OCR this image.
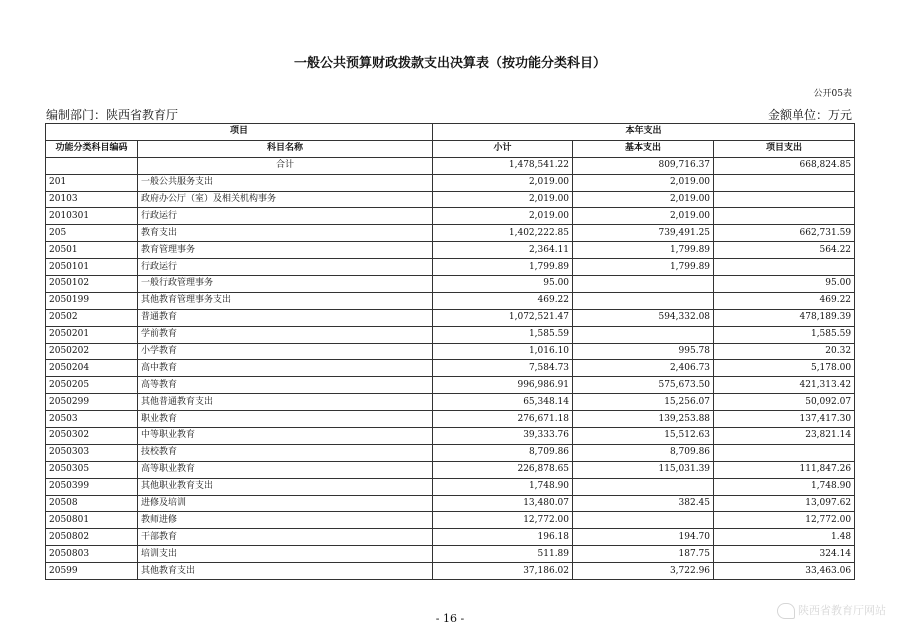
一般公共预算财政拨款支出决算表（按功能分类科目）
公开05表
编制部门：陕西省教育厅	金额单位：万元
项目		本年支出		
功能分类科目编码	科目名称	小计	基本支出	项目支出
	合计	1,478,541.22	809,716.37	668,824.85
201	一般公共服务支出	2,019.00	2,019.00	
20103	政府办公厅（室）及相关机构事务	2,019.00	2,019.00	
2010301	行政运行	2,019.00	2,019.00	
205	教育支出	1,402,222.85	739,491.25	662,731.59
20501	教育管理事务	2,364.11	1,799.89	564.22
2050101	行政运行	1,799.89	1,799.89	
2050102	一般行政管理事务	95.00		95.00
2050199	其他教育管理事务支出	469.22		469.22
20502	普通教育	1,072,521.47	594,332.08	478,189.39
2050201	学前教育	1,585.59		1,585.59
2050202	小学教育	1,016.10	995.78	20.32
2050204	高中教育	7,584.73	2,406.73	5,178.00
2050205	高等教育	996,986.91	575,673.50	421,313.42
2050299	其他普通教育支出	65,348.14	15,256.07	50,092.07
20503	职业教育	276,671.18	139,253.88	137,417.30
2050302	中等职业教育	39,333.76	15,512.63	23,821.14
2050303	技校教育	8,709.86	8,709.86	
2050305	高等职业教育	226,878.65	115,031.39	111,847.26
2050399	其他职业教育支出	1,748.90		1,748.90
20508	进修及培训	13,480.07	382.45	13,097.62
2050801	教师进修	12,772.00		12,772.00
2050802	干部教育	196.18	194.70	1.48
2050803	培训支出	511.89	187.75	324.14
20599	其他教育支出	37,186.02	3,722.96	33,463.06
- 16 -
陕西省教育厅网站
